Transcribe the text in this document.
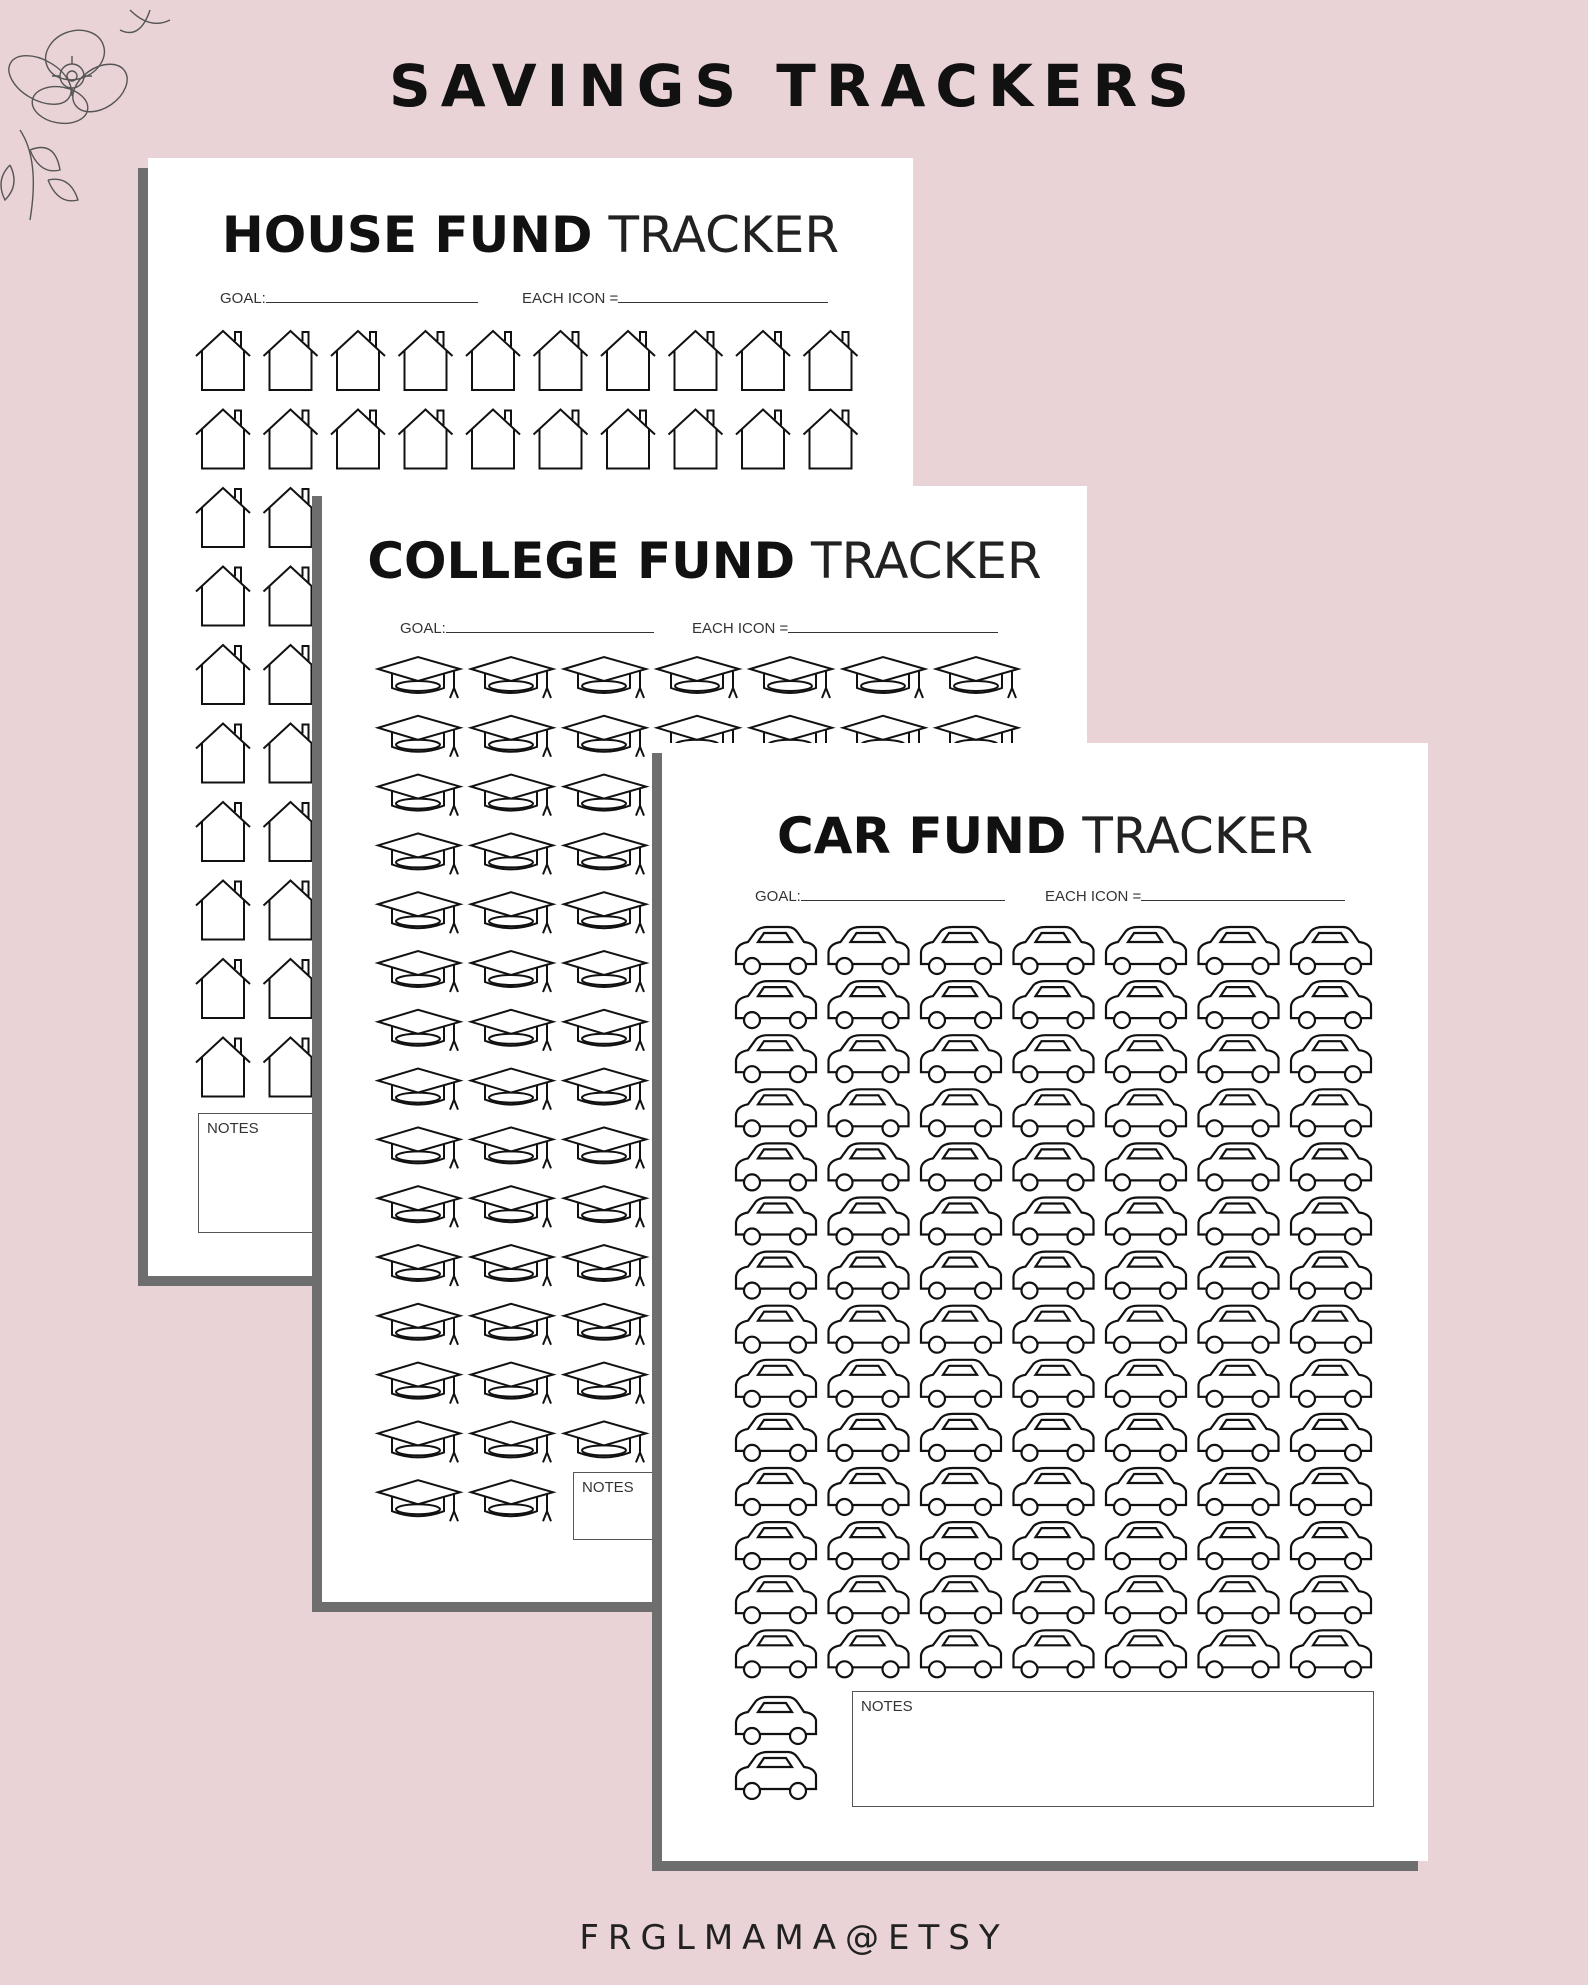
SAVINGS TRACKERS
HOUSE FUND TRACKER
GOAL:	EACH ICON =
NOTES
COLLEGE FUND TRACKER
GOAL:	EACH ICON =
NOTES
CAR FUND TRACKER
GOAL:	EACH ICON =
NOTES
FRGLMAMA@ETSY
